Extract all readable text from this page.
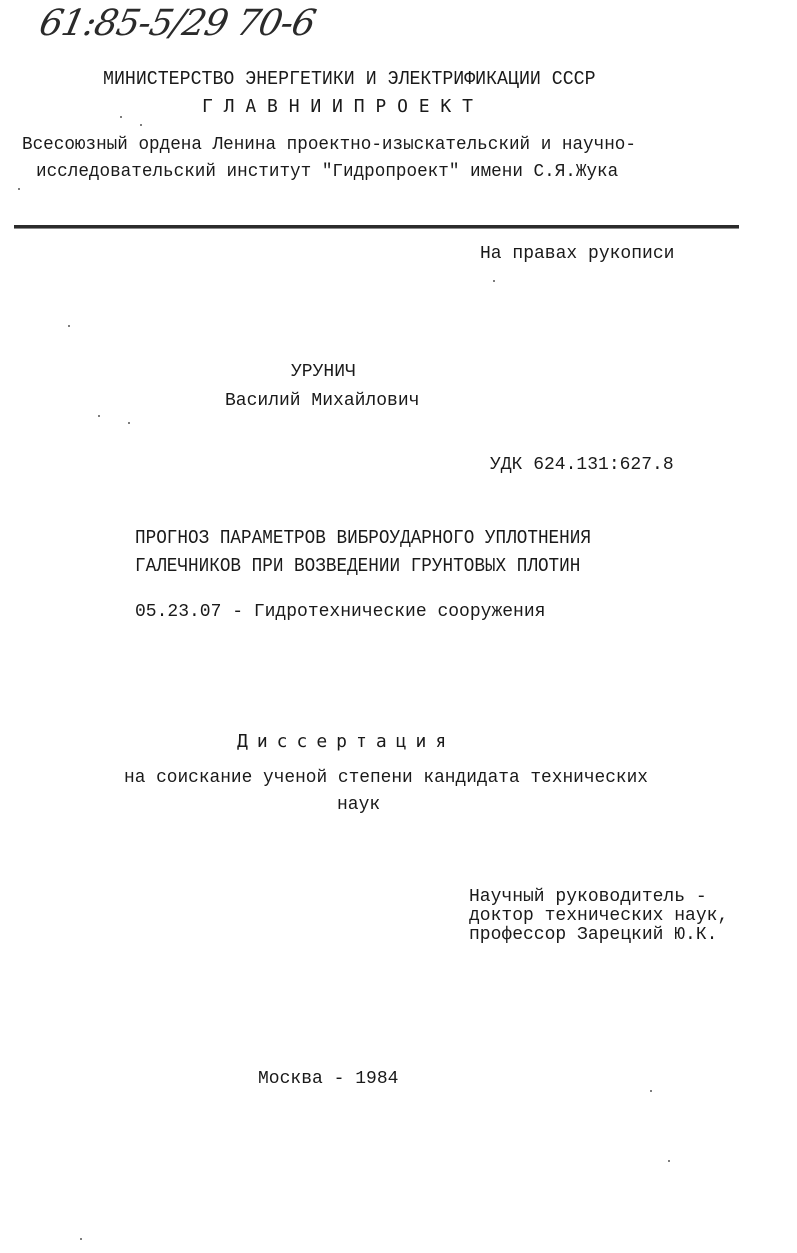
61:85-5/29 70-6

МИНИСТЕРСТВО ЭНЕРГЕТИКИ И ЭЛЕКТРИФИКАЦИИ СССР

Г Л А В Н И И П Р О Е К Т

Всесоюзный ордена Ленина проектно-изыскательский и научно-

исследовательский институт "Гидропроект" имени С.Я.Жука

На правах рукописи

УРУНИЧ

Василий Михайлович

УДК 624.131:627.8

ПРОГНОЗ ПАРАМЕТРОВ ВИБРОУДАРНОГО УПЛОТНЕНИЯ

ГАЛЕЧНИКОВ ПРИ ВОЗВЕДЕНИИ ГРУНТОВЫХ ПЛОТИН

05.23.07 - Гидротехнические сооружения

Диссертация

на соискание ученой степени кандидата технических

наук

Научный руководитель -

доктор технических наук,

профессор Зарецкий Ю.К.

Москва - 1984
